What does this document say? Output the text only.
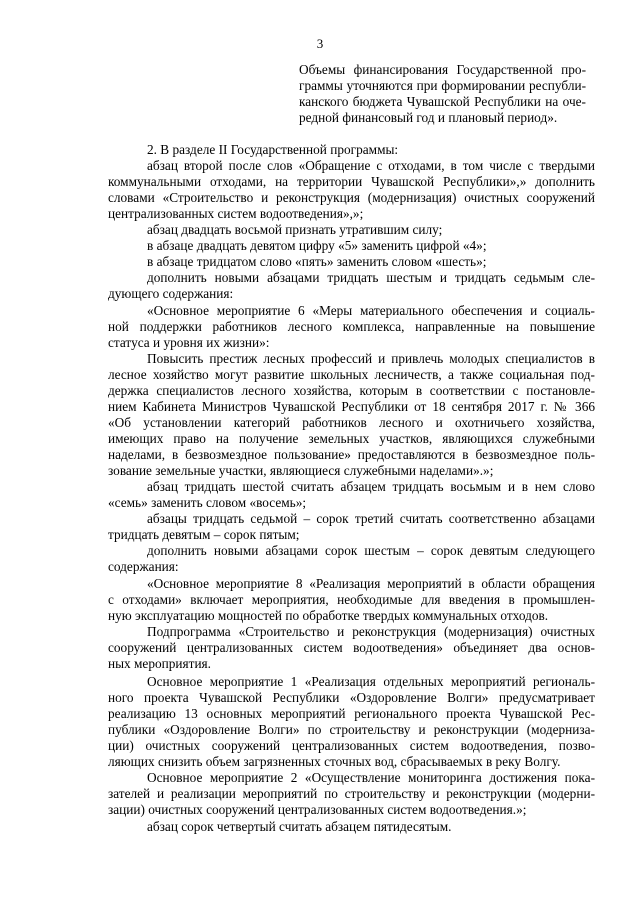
3
Объемы финансирования Государственной про-
граммы уточняются при формировании республи-
канского бюджета Чувашской Республики на оче-
редной финансовый год и плановый период».
2. В разделе II Государственной программы:
абзац второй после слов «Обращение с отходами, в том числе с твердыми
коммунальными отходами, на территории Чувашской Республики»,» дополнить
словами «Строительство и реконструкция (модернизация) очистных сооружений
централизованных систем водоотведения»,»;
абзац двадцать восьмой признать утратившим силу;
в абзаце двадцать девятом цифру «5» заменить цифрой «4»;
в абзаце тридцатом слово «пять» заменить словом «шесть»;
дополнить новыми абзацами тридцать шестым и тридцать седьмым сле-
дующего содержания:
«Основное мероприятие 6 «Меры материального обеспечения и социаль-
ной поддержки работников лесного комплекса, направленные на повышение
статуса и уровня их жизни»:
Повысить престиж лесных профессий и привлечь молодых специалистов в
лесное хозяйство могут развитие школьных лесничеств, а также социальная под-
держка специалистов лесного хозяйства, которым в соответствии с постановле-
нием Кабинета Министров Чувашской Республики от 18 сентября 2017 г. № 366
«Об установлении категорий работников лесного и охотничьего хозяйства,
имеющих право на получение земельных участков, являющихся служебными
наделами, в безвозмездное пользование» предоставляются в безвозмездное поль-
зование земельные участки, являющиеся служебными наделами».»;
абзац тридцать шестой считать абзацем тридцать восьмым и в нем слово
«семь» заменить словом «восемь»;
абзацы тридцать седьмой – сорок третий считать соответственно абзацами
тридцать девятым – сорок пятым;
дополнить новыми абзацами сорок шестым – сорок девятым следующего
содержания:
«Основное мероприятие 8 «Реализация мероприятий в области обращения
с отходами» включает мероприятия, необходимые для введения в промышлен-
ную эксплуатацию мощностей по обработке твердых коммунальных отходов.
Подпрограмма «Строительство и реконструкция (модернизация) очистных
сооружений централизованных систем водоотведения» объединяет два основ-
ных мероприятия.
Основное мероприятие 1 «Реализация отдельных мероприятий региональ-
ного проекта Чувашской Республики «Оздоровление Волги» предусматривает
реализацию 13 основных мероприятий регионального проекта Чувашской Рес-
публики «Оздоровление Волги» по строительству и реконструкции (модерниза-
ции) очистных сооружений централизованных систем водоотведения, позво-
ляющих снизить объем загрязненных сточных вод, сбрасываемых в реку Волгу.
Основное мероприятие 2 «Осуществление мониторинга достижения пока-
зателей и реализации мероприятий по строительству и реконструкции (модерни-
зации) очистных сооружений централизованных систем водоотведения.»;
абзац сорок четвертый считать абзацем пятидесятым.
